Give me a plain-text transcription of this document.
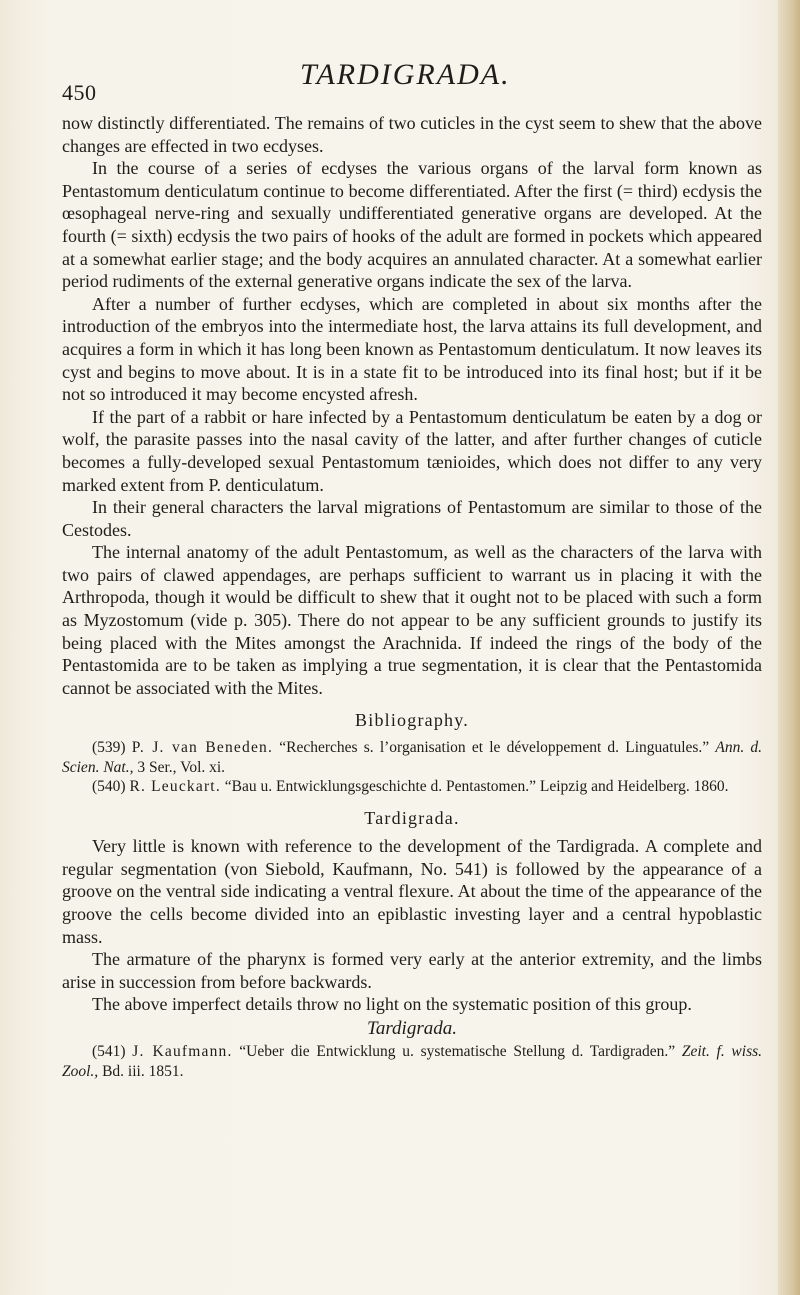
450
TARDIGRADA.

now distinctly differentiated. The remains of two cuticles in the cyst seem to shew that the above changes are effected in two ecdyses.

In the course of a series of ecdyses the various organs of the larval form known as Pentastomum denticulatum continue to become differentiated. After the first (= third) ecdysis the œsophageal nerve-ring and sexually undifferentiated generative organs are developed. At the fourth (= sixth) ecdysis the two pairs of hooks of the adult are formed in pockets which appeared at a somewhat earlier stage; and the body acquires an annulated character. At a somewhat earlier period rudiments of the external generative organs indicate the sex of the larva.

After a number of further ecdyses, which are completed in about six months after the introduction of the embryos into the intermediate host, the larva attains its full development, and acquires a form in which it has long been known as Pentastomum denticulatum. It now leaves its cyst and begins to move about. It is in a state fit to be introduced into its final host; but if it be not so introduced it may become encysted afresh.

If the part of a rabbit or hare infected by a Pentastomum denticulatum be eaten by a dog or wolf, the parasite passes into the nasal cavity of the latter, and after further changes of cuticle becomes a fully-developed sexual Pentastomum tænioides, which does not differ to any very marked extent from P. denticulatum.

In their general characters the larval migrations of Pentastomum are similar to those of the Cestodes.

The internal anatomy of the adult Pentastomum, as well as the characters of the larva with two pairs of clawed appendages, are perhaps sufficient to warrant us in placing it with the Arthropoda, though it would be difficult to shew that it ought not to be placed with such a form as Myzostomum (vide p. 305). There do not appear to be any sufficient grounds to justify its being placed with the Mites amongst the Arachnida. If indeed the rings of the body of the Pentastomida are to be taken as implying a true segmentation, it is clear that the Pentastomida cannot be associated with the Mites.

Bibliography.

(539) P. J. van Beneden. “Recherches s. l’organisation et le développement d. Linguatules.” Ann. d. Scien. Nat., 3 Ser., Vol. xi.

(540) R. Leuckart. “Bau u. Entwicklungsgeschichte d. Pentastomen.” Leipzig and Heidelberg. 1860.

Tardigrada.

Very little is known with reference to the development of the Tardigrada. A complete and regular segmentation (von Siebold, Kaufmann, No. 541) is followed by the appearance of a groove on the ventral side indicating a ventral flexure. At about the time of the appearance of the groove the cells become divided into an epiblastic investing layer and a central hypoblastic mass.

The armature of the pharynx is formed very early at the anterior extremity, and the limbs arise in succession from before backwards.

The above imperfect details throw no light on the systematic position of this group.

Tardigrada.

(541) J. Kaufmann. “Ueber die Entwicklung u. systematische Stellung d. Tardigraden.” Zeit. f. wiss. Zool., Bd. iii. 1851.
